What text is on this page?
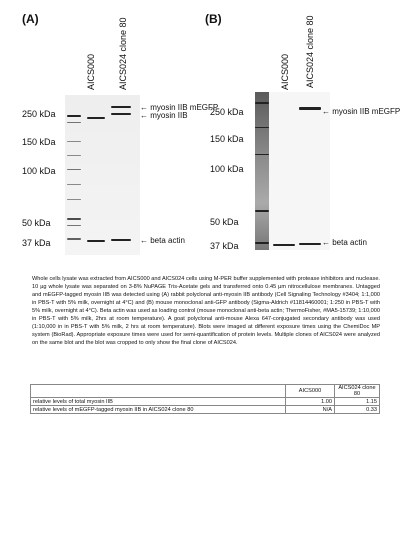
(A)	(B)
AICS000 AICS024 clone 80
250 kDa
150 kDa
100 kDa
50 kDa
37 kDa
← myosin IIB mEGFP
← myosin IIB
← beta actin
AICS000 AICS024 clone 80
250 kDa
150 kDa
100 kDa
50 kDa
37 kDa
← myosin IIB mEGFP
← beta actin

Whole cells lysate was extracted from AICS000 and AICS024 cells using M-PER buffer supplemented with protease inhibitors and nuclease. 10 µg whole lysate was separated on 3-8% NuPAGE Tris-Acetate gels and transferred onto 0.45 µm nitrocellulose membranes. Untagged and mEGFP-tagged myosin IIB was detected using (A) rabbit polyclonal anti-myosin IIB antibody (Cell Signaling Technology #3404; 1:1,000 in PBS-T with 5% milk, overnight at 4°C) and (B) mouse monoclonal anti-GFP antibody (Sigma-Aldrich #11814460001; 1:250 in PBS-T with 5% milk, overnight at 4°C). Beta actin was used as loading control (mouse monoclonal anti-beta actin; ThermoFisher, #MA5-15739; 1:10,000 in PBS-T with 5% milk, 2hrs at room temperature). A goat polyclonal anti-mouse Alexa 647-conjugated secondary antibody was used (1:10,000 in in PBS-T with 5% milk, 2 hrs at room temperature). Blots were imaged at different exposure times using the ChemiDoc MP system (BioRad). Appropriate exposure times were used for semi-quantification of protein levels. Multiple clones of AICS024 were analyzed on the same blot and the blot was cropped to only show the final clone of AICS024.

	AICS000	AICS024 clone 80
relative levels of total myosin IIB	1.00	1.15
relative levels of mEGFP-tagged myosin IIB in AICS024 clone 80	N/A	0.33
